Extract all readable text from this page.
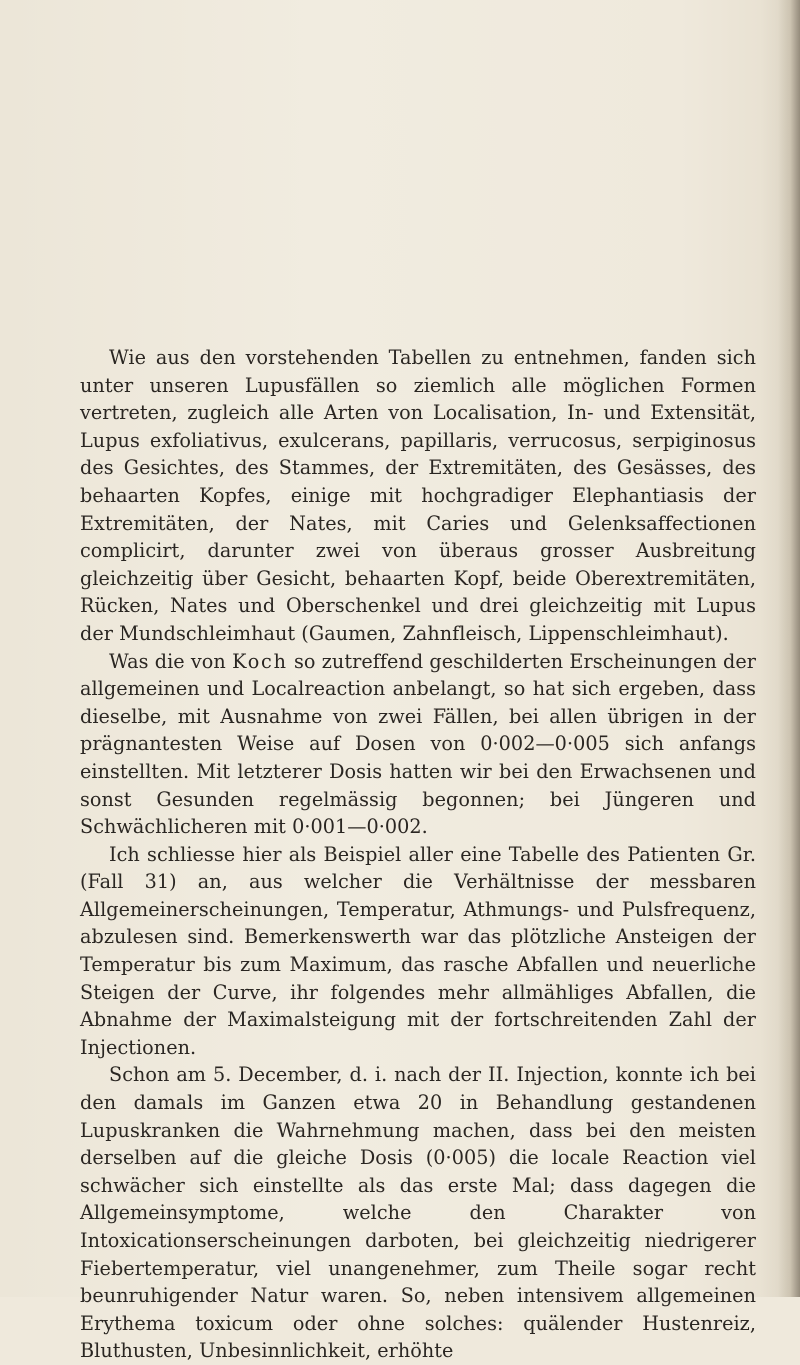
Wie aus den vorstehenden Tabellen zu entnehmen, fanden sich unter unseren Lupusfällen so ziemlich alle möglichen Formen vertreten, zugleich alle Arten von Localisation, In- und Extensität, Lupus exfoliativus, exulcerans, papillaris, verrucosus, serpiginosus des Gesichtes, des Stammes, der Extremitäten, des Gesässes, des behaarten Kopfes, einige mit hochgradiger Elephantiasis der Extremitäten, der Nates, mit Caries und Gelenksaffectionen complicirt, darunter zwei von überaus grosser Ausbreitung gleichzeitig über Gesicht, behaarten Kopf, beide Oberextremitäten, Rücken, Nates und Oberschenkel und drei gleichzeitig mit Lupus der Mundschleimhaut (Gaumen, Zahnfleisch, Lippenschleimhaut).

Was die von Koch so zutreffend geschilderten Erscheinungen der allgemeinen und Localreaction anbelangt, so hat sich ergeben, dass dieselbe, mit Ausnahme von zwei Fällen, bei allen übrigen in der prägnantesten Weise auf Dosen von 0·002—0·005 sich anfangs einstellten. Mit letzterer Dosis hatten wir bei den Erwachsenen und sonst Gesunden regelmässig begonnen; bei Jüngeren und Schwächlicheren mit 0·001—0·002.

Ich schliesse hier als Beispiel aller eine Tabelle des Patienten Gr. (Fall 31) an, aus welcher die Verhältnisse der messbaren Allgemeinerscheinungen, Temperatur, Athmungs- und Pulsfrequenz, abzulesen sind. Bemerkenswerth war das plötzliche Ansteigen der Temperatur bis zum Maximum, das rasche Abfallen und neuerliche Steigen der Curve, ihr folgendes mehr allmähliges Abfallen, die Abnahme der Maximalsteigung mit der fortschreitenden Zahl der Injectionen.

Schon am 5. December, d. i. nach der II. Injection, konnte ich bei den damals im Ganzen etwa 20 in Behandlung gestandenen Lupuskranken die Wahrnehmung machen, dass bei den meisten derselben auf die gleiche Dosis (0·005) die locale Reaction viel schwächer sich einstellte als das erste Mal; dass dagegen die Allgemeinsymptome, welche den Charakter von Intoxicationserscheinungen darboten, bei gleichzeitig niedrigerer Fiebertemperatur, viel unangenehmer, zum Theile sogar recht beunruhigender Natur waren. So, neben intensivem allgemeinen Erythema toxicum oder ohne solches: quälender Hustenreiz, Bluthusten, Unbesinnlichkeit, erhöhte
